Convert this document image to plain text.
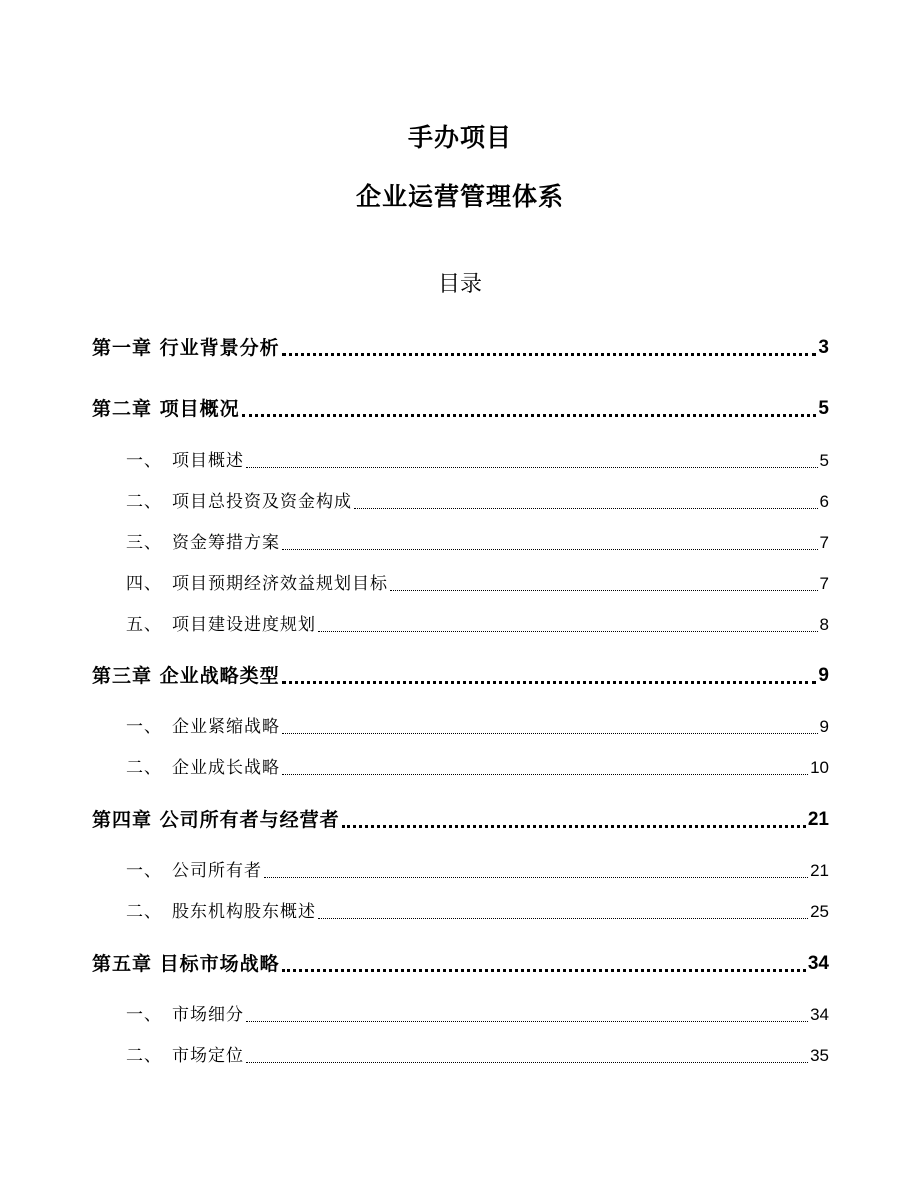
手办项目
企业运营管理体系
目录
第一章 行业背景分析	3
第二章 项目概况	5
一、 项目概述	5
二、 项目总投资及资金构成	6
三、 资金筹措方案	7
四、 项目预期经济效益规划目标	7
五、 项目建设进度规划	8
第三章 企业战略类型	9
一、 企业紧缩战略	9
二、 企业成长战略	10
第四章 公司所有者与经营者	21
一、 公司所有者	21
二、 股东机构股东概述	25
第五章 目标市场战略	34
一、 市场细分	34
二、 市场定位	35
